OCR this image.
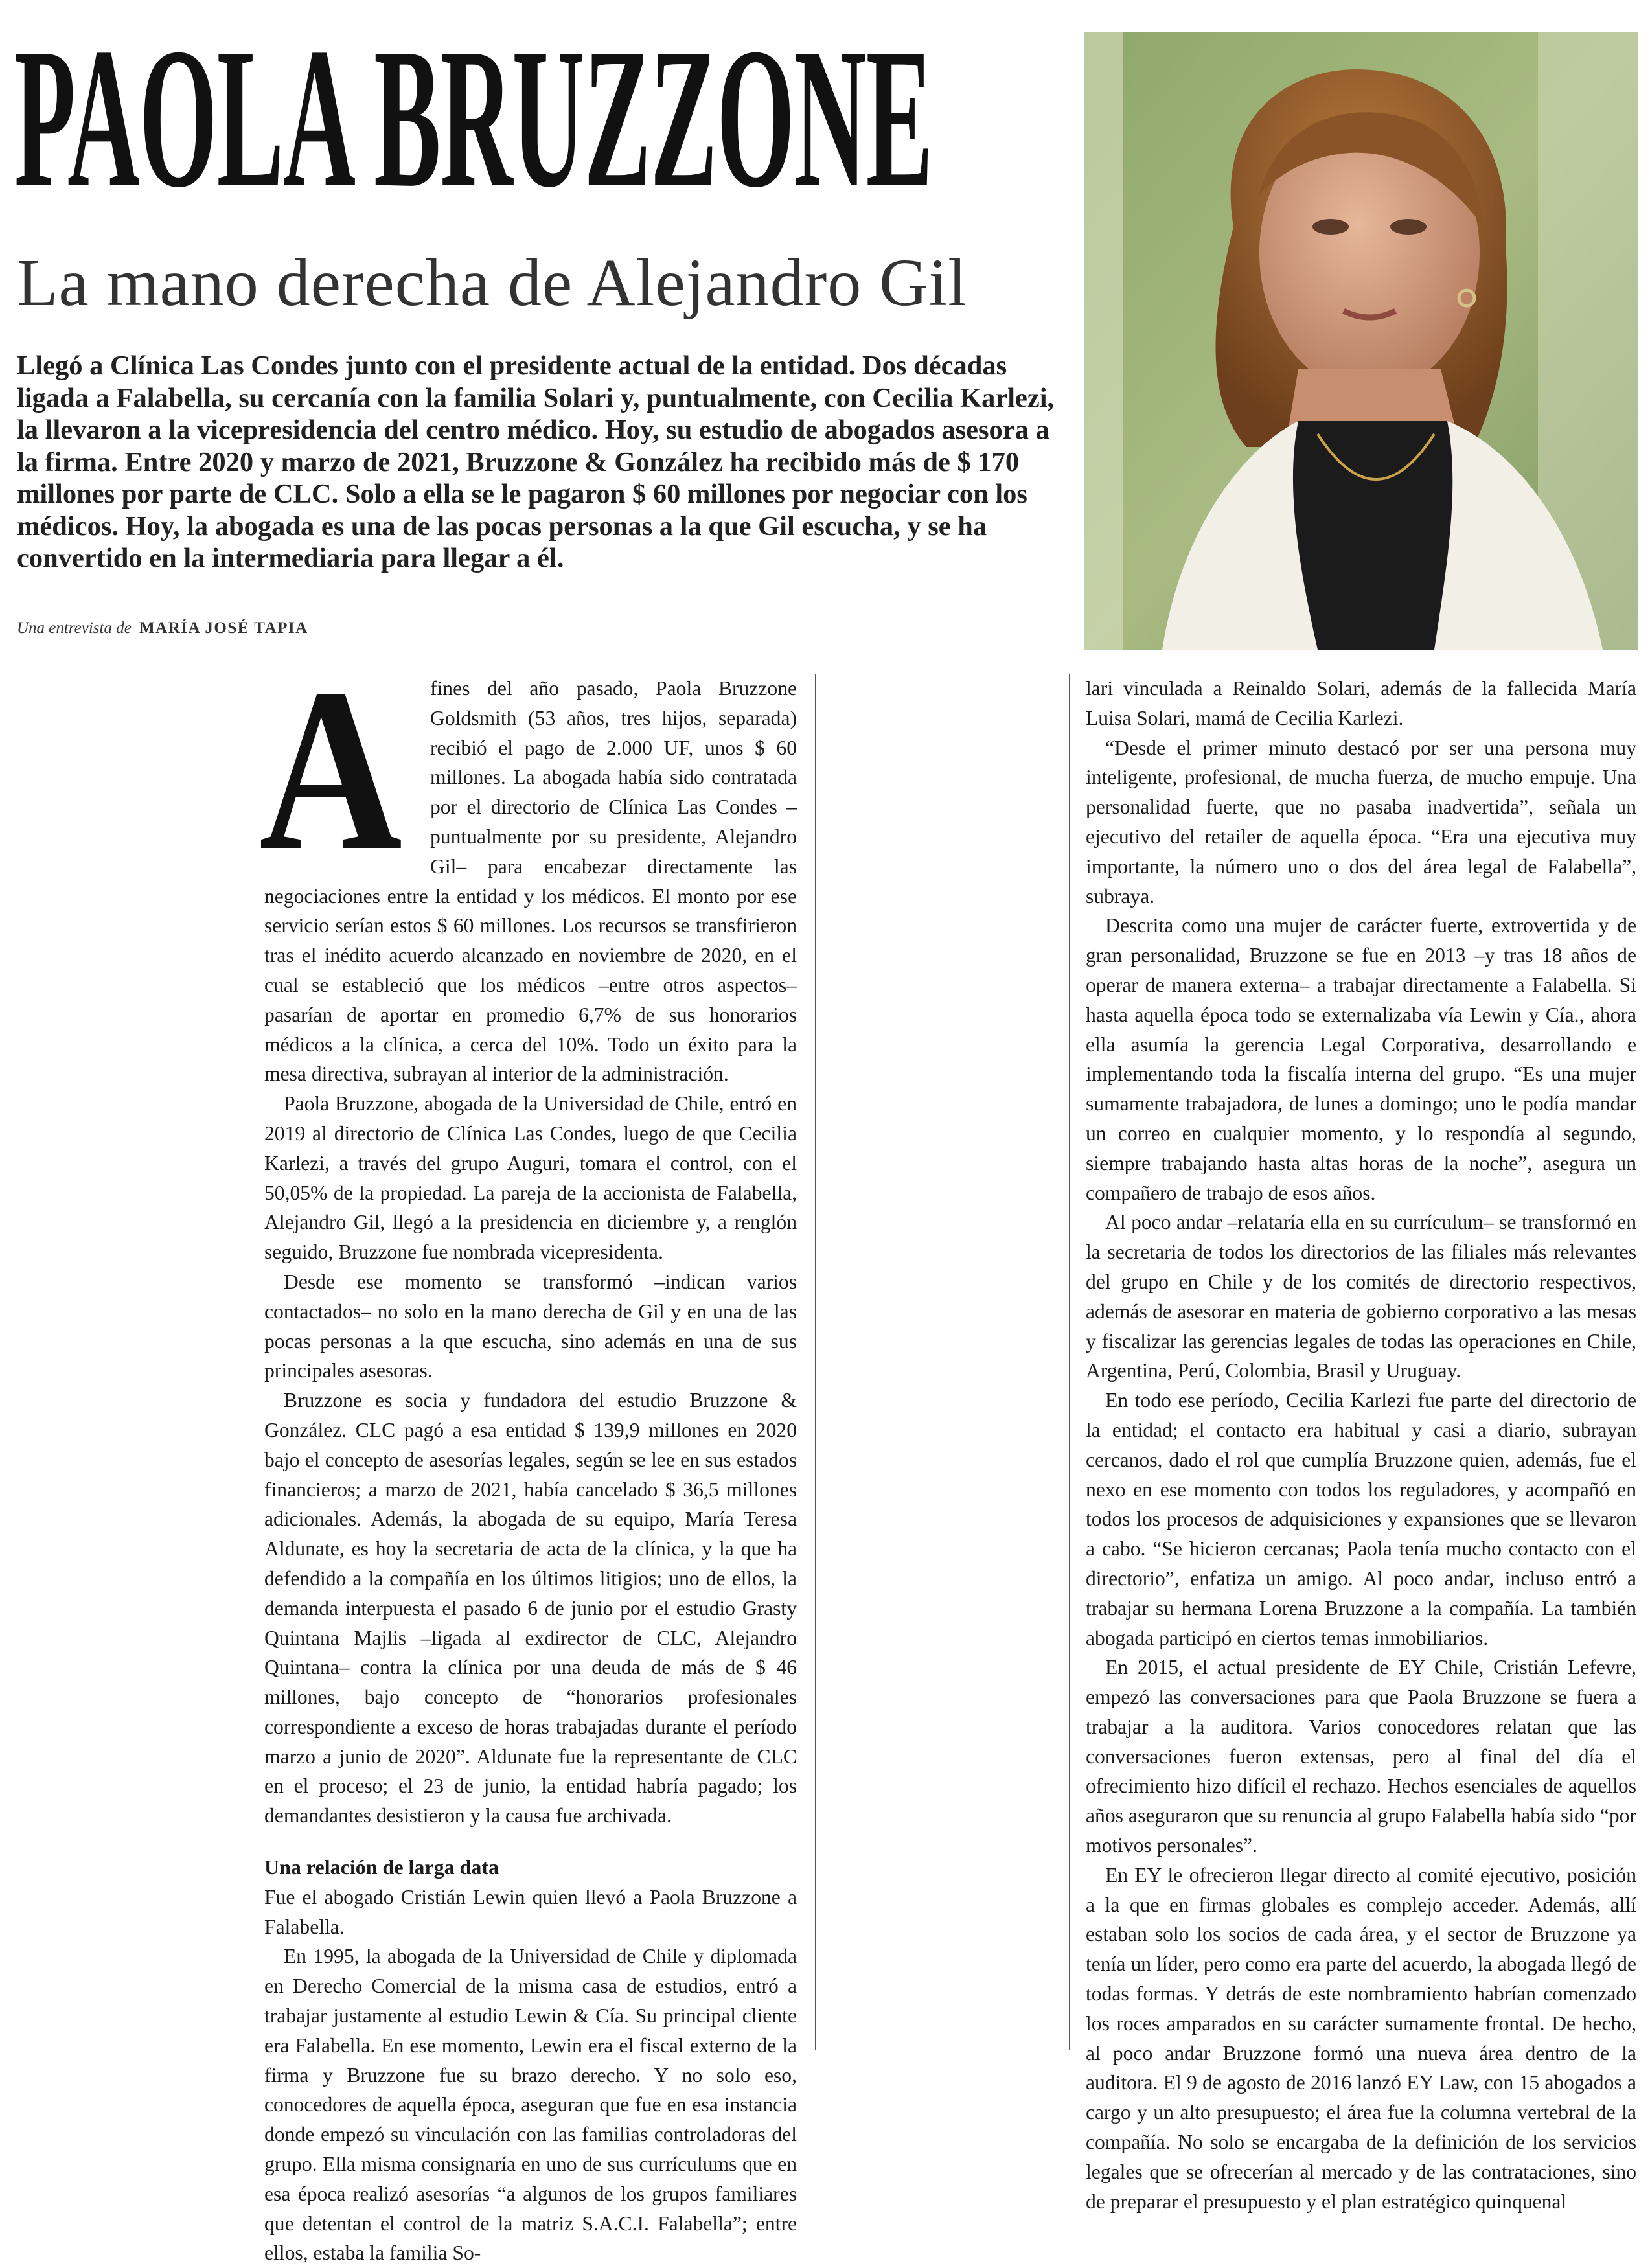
PAOLA BRUZZONE
La mano derecha de Alejandro Gil

Llegó a Clínica Las Condes junto con el presidente actual de la entidad. Dos décadas ligada a Falabella, su cercanía con la familia Solari y, puntualmente, con Cecilia Karlezi, la llevaron a la vicepresidencia del centro médico. Hoy, su estudio de abogados asesora a la firma. Entre 2020 y marzo de 2021, Bruzzone & González ha recibido más de $ 170 millones por parte de CLC. Solo a ella se le pagaron $ 60 millones por negociar con los médicos. Hoy, la abogada es una de las pocas personas a la que Gil escucha, y se ha convertido en la intermediaria para llegar a él.

Una entrevista de MARÍA JOSÉ TAPIA

A	fines del año pasado, Paola Bruzzone Goldsmith (53 años, tres hijos, separada) recibió el pago de 2.000 UF, unos $ 60 millones. La abogada había sido contratada por el directorio de Clínica Las Condes –puntualmente por su presidente, Alejandro Gil– para encabezar directamente las negociaciones entre la entidad y los médicos. El monto por ese servicio serían estos $ 60 millones. Los recursos se transfirieron tras el inédito acuerdo alcanzado en noviembre de 2020, en el cual se estableció que los médicos –entre otros aspectos– pasarían de aportar en promedio 6,7% de sus honorarios médicos a la clínica, a cerca del 10%. Todo un éxito para la mesa directiva, subrayan al interior de la administración.

Paola Bruzzone, abogada de la Universidad de Chile, entró en 2019 al directorio de Clínica Las Condes, luego de que Cecilia Karlezi, a través del grupo Auguri, tomara el control, con el 50,05% de la propiedad. La pareja de la accionista de Falabella, Alejandro Gil, llegó a la presidencia en diciembre y, a renglón seguido, Bruzzone fue nombrada vicepresidenta.

Desde ese momento se transformó –indican varios contactados– no solo en la mano derecha de Gil y en una de las pocas personas a la que escucha, sino además en una de sus principales asesoras.

Bruzzone es socia y fundadora del estudio Bruzzone & González. CLC pagó a esa entidad $ 139,9 millones en 2020 bajo el concepto de asesorías legales, según se lee en sus estados financieros; a marzo de 2021, había cancelado $ 36,5 millones adicionales. Además, la abogada de su equipo, María Teresa Aldunate, es hoy la secretaria de acta de la clínica, y la que ha defendido a la compañía en los últimos litigios; uno de ellos, la demanda interpuesta el pasado 6 de junio por el estudio Grasty Quintana Majlis –ligada al exdirector de CLC, Alejandro Quintana– contra la clínica por una deuda de más de $ 46 millones, bajo concepto de “honorarios profesionales correspondiente a exceso de horas trabajadas durante el período marzo a junio de 2020”. Aldunate fue la representante de CLC en el proceso; el 23 de junio, la entidad habría pagado; los demandantes desistieron y la causa fue archivada.

Una relación de larga data

Fue el abogado Cristián Lewin quien llevó a Paola Bruzzone a Falabella.

En 1995, la abogada de la Universidad de Chile y diplomada en Derecho Comercial de la misma casa de estudios, entró a trabajar justamente al estudio Lewin & Cía. Su principal cliente era Falabella. En ese momento, Lewin era el fiscal externo de la firma y Bruzzone fue su brazo derecho. Y no solo eso, conocedores de aquella época, aseguran que fue en esa instancia donde empezó su vinculación con las familias controladoras del grupo. Ella misma consignaría en uno de sus currículums que en esa época realizó asesorías “a algunos de los grupos familiares que detentan el control de la matriz S.A.C.I. Falabella”; entre ellos, estaba la familia So-

lari vinculada a Reinaldo Solari, además de la fallecida María Luisa Solari, mamá de Cecilia Karlezi.

“Desde el primer minuto destacó por ser una persona muy inteligente, profesional, de mucha fuerza, de mucho empuje. Una personalidad fuerte, que no pasaba inadvertida”, señala un ejecutivo del retailer de aquella época. “Era una ejecutiva muy importante, la número uno o dos del área legal de Falabella”, subraya.

Descrita como una mujer de carácter fuerte, extrovertida y de gran personalidad, Bruzzone se fue en 2013 –y tras 18 años de operar de manera externa– a trabajar directamente a Falabella. Si hasta aquella época todo se externalizaba vía Lewin y Cía., ahora ella asumía la gerencia Legal Corporativa, desarrollando e implementando toda la fiscalía interna del grupo. “Es una mujer sumamente trabajadora, de lunes a domingo; uno le podía mandar un correo en cualquier momento, y lo respondía al segundo, siempre trabajando hasta altas horas de la noche”, asegura un compañero de trabajo de esos años.

Al poco andar –relataría ella en su currículum– se transformó en la secretaria de todos los directorios de las filiales más relevantes del grupo en Chile y de los comités de directorio respectivos, además de asesorar en materia de gobierno corporativo a las mesas y fiscalizar las gerencias legales de todas las operaciones en Chile, Argentina, Perú, Colombia, Brasil y Uruguay.

En todo ese período, Cecilia Karlezi fue parte del directorio de la entidad; el contacto era habitual y casi a diario, subrayan cercanos, dado el rol que cumplía Bruzzone quien, además, fue el nexo en ese momento con todos los reguladores, y acompañó en todos los procesos de adquisiciones y expansiones que se llevaron a cabo. “Se hicieron cercanas; Paola tenía mucho contacto con el directorio”, enfatiza un amigo. Al poco andar, incluso entró a trabajar su hermana Lorena Bruzzone a la compañía. La también abogada participó en ciertos temas inmobiliarios.

En 2015, el actual presidente de EY Chile, Cristián Lefevre, empezó las conversaciones para que Paola Bruzzone se fuera a trabajar a la auditora. Varios conocedores relatan que las conversaciones fueron extensas, pero al final del día el ofrecimiento hizo difícil el rechazo. Hechos esenciales de aquellos años aseguraron que su renuncia al grupo Falabella había sido “por motivos personales”.

En EY le ofrecieron llegar directo al comité ejecutivo, posición a la que en firmas globales es complejo acceder. Además, allí estaban solo los socios de cada área, y el sector de Bruzzone ya tenía un líder, pero como era parte del acuerdo, la abogada llegó de todas formas. Y detrás de este nombramiento habrían comenzado los roces amparados en su carácter sumamente frontal. De hecho, al poco andar Bruzzone formó una nueva área dentro de la auditora. El 9 de agosto de 2016 lanzó EY Law, con 15 abogados a cargo y un alto presupuesto; el área fue la columna vertebral de la compañía. No solo se encargaba de la definición de los servicios legales que se ofrecerían al mercado y de las contrataciones, sino de preparar el presupuesto y el plan estratégico quinquenal
